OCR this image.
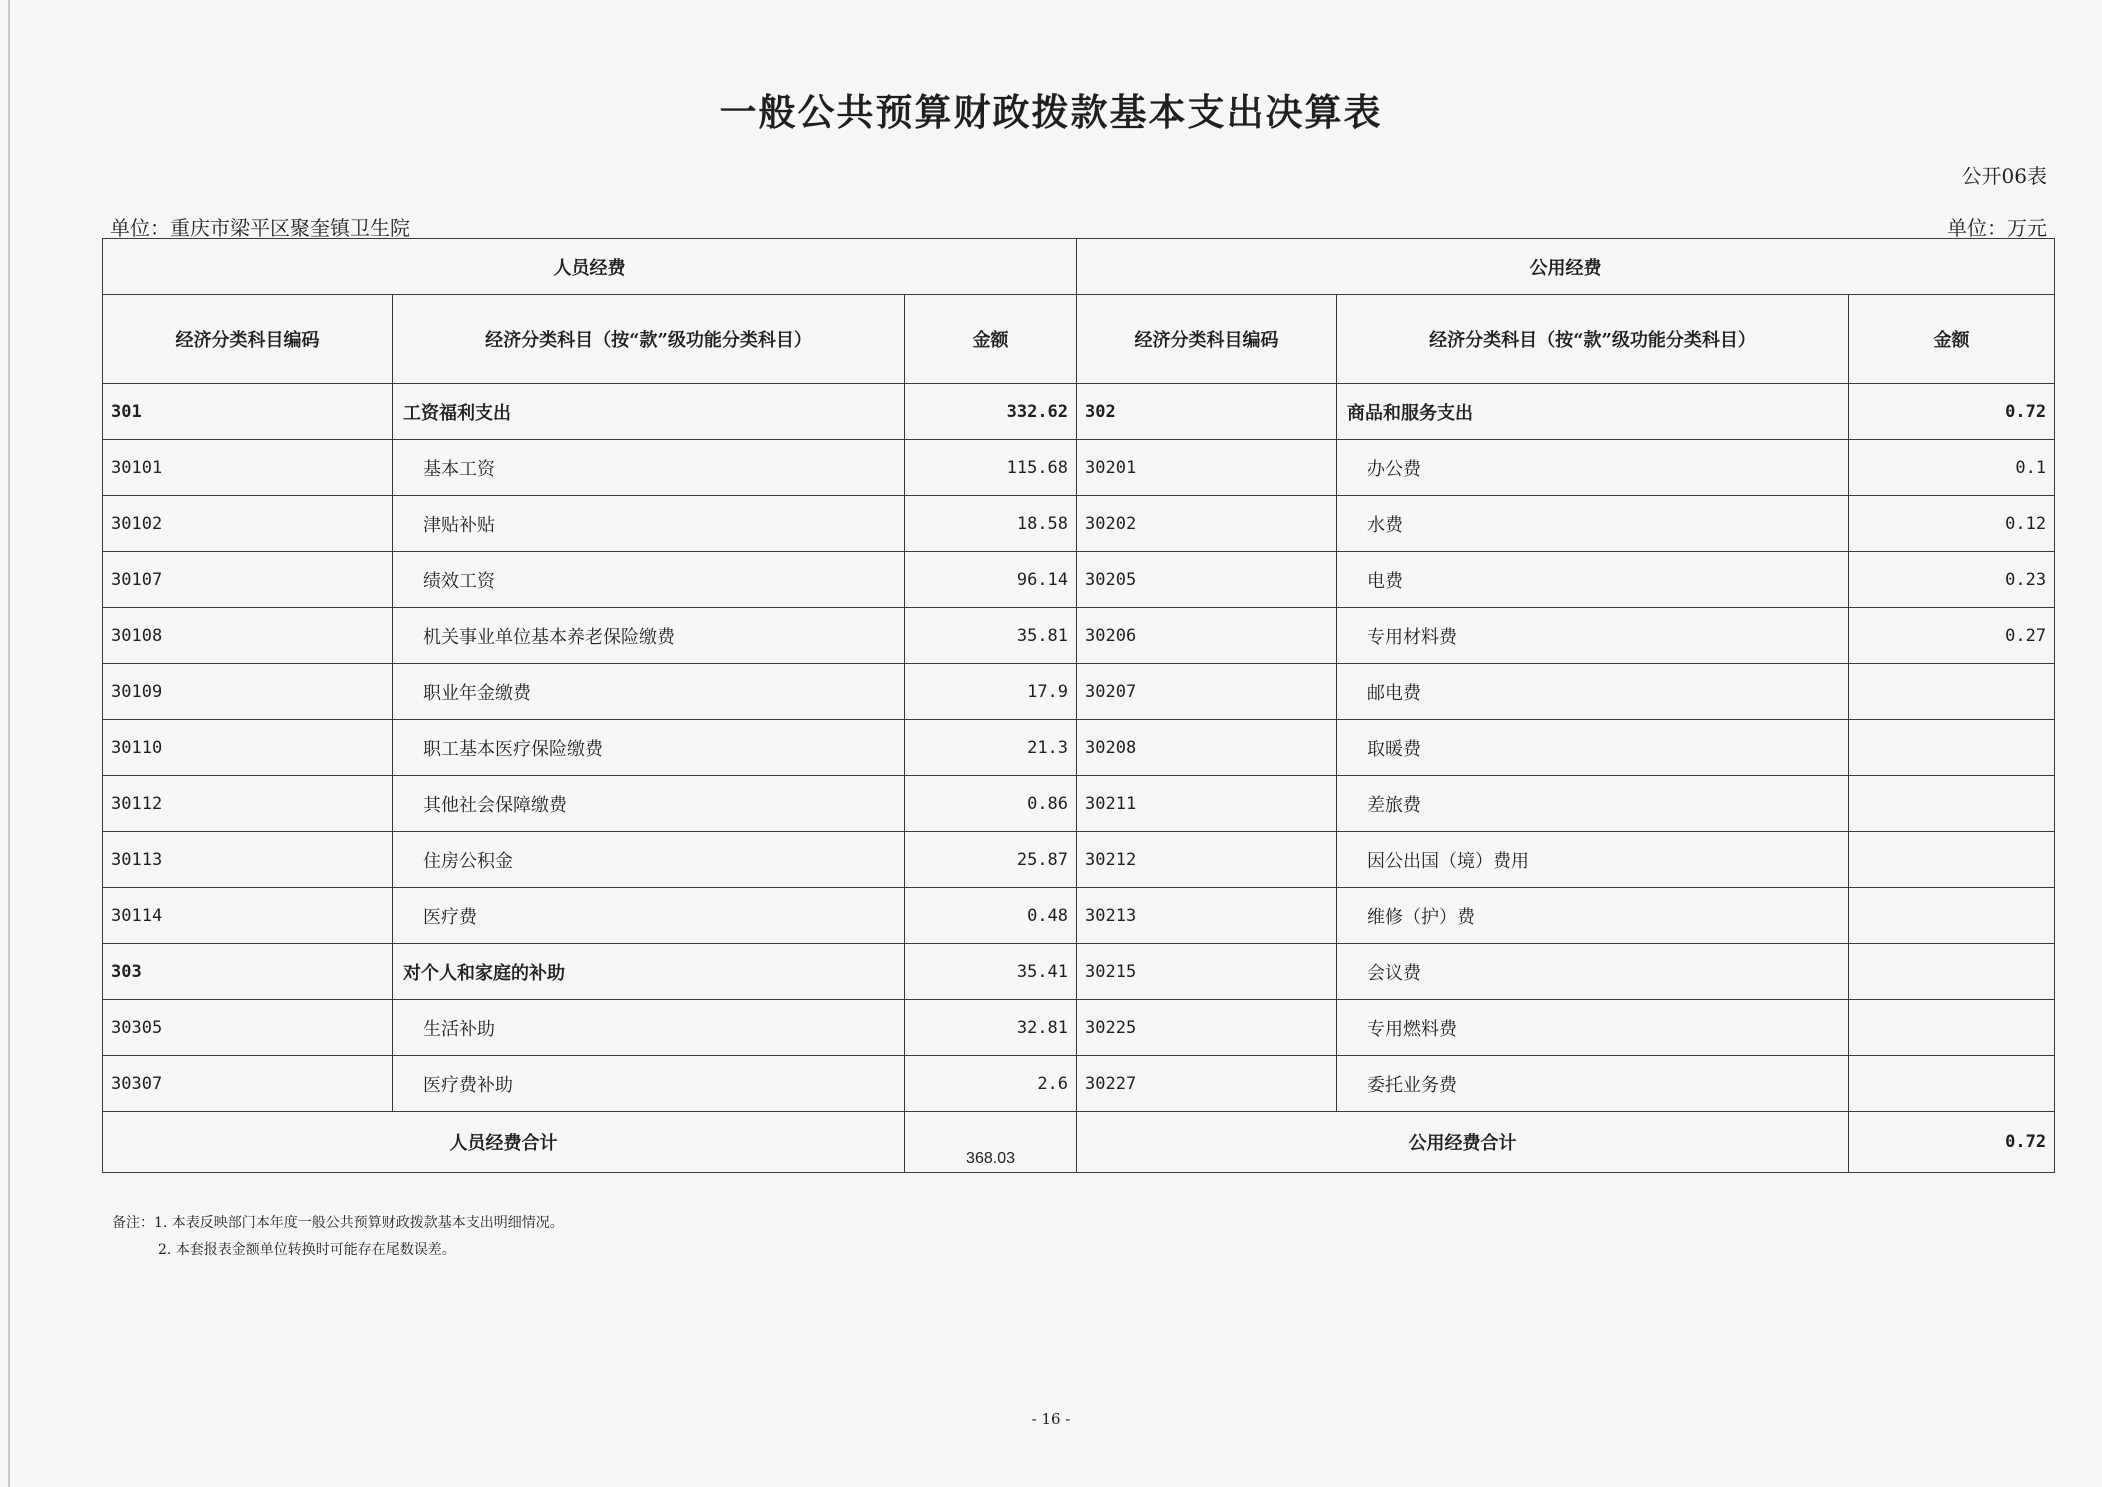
一般公共预算财政拨款基本支出决算表
公开06表
单位：重庆市梁平区聚奎镇卫生院	单位：万元
人员经费			公用经费		
经济分类科目编码	经济分类科目（按“款”级功能分类科目）	金额	经济分类科目编码	经济分类科目（按“款”级功能分类科目）	金额
301	工资福利支出	332.62	302	商品和服务支出	0.72
30101	基本工资	115.68	30201	办公费	0.1
30102	津贴补贴	18.58	30202	水费	0.12
30107	绩效工资	96.14	30205	电费	0.23
30108	机关事业单位基本养老保险缴费	35.81	30206	专用材料费	0.27
30109	职业年金缴费	17.9	30207	邮电费	
30110	职工基本医疗保险缴费	21.3	30208	取暖费	
30112	其他社会保障缴费	0.86	30211	差旅费	
30113	住房公积金	25.87	30212	因公出国（境）费用	
30114	医疗费	0.48	30213	维修（护）费	
303	对个人和家庭的补助	35.41	30215	会议费	
30305	生活补助	32.81	30225	专用燃料费	
30307	医疗费补助	2.6	30227	委托业务费	
人员经费合计		368.03	公用经费合计		0.72
备注：1. 本表反映部门本年度一般公共预算财政拨款基本支出明细情况。
2. 本套报表金额单位转换时可能存在尾数误差。
- 16 -
